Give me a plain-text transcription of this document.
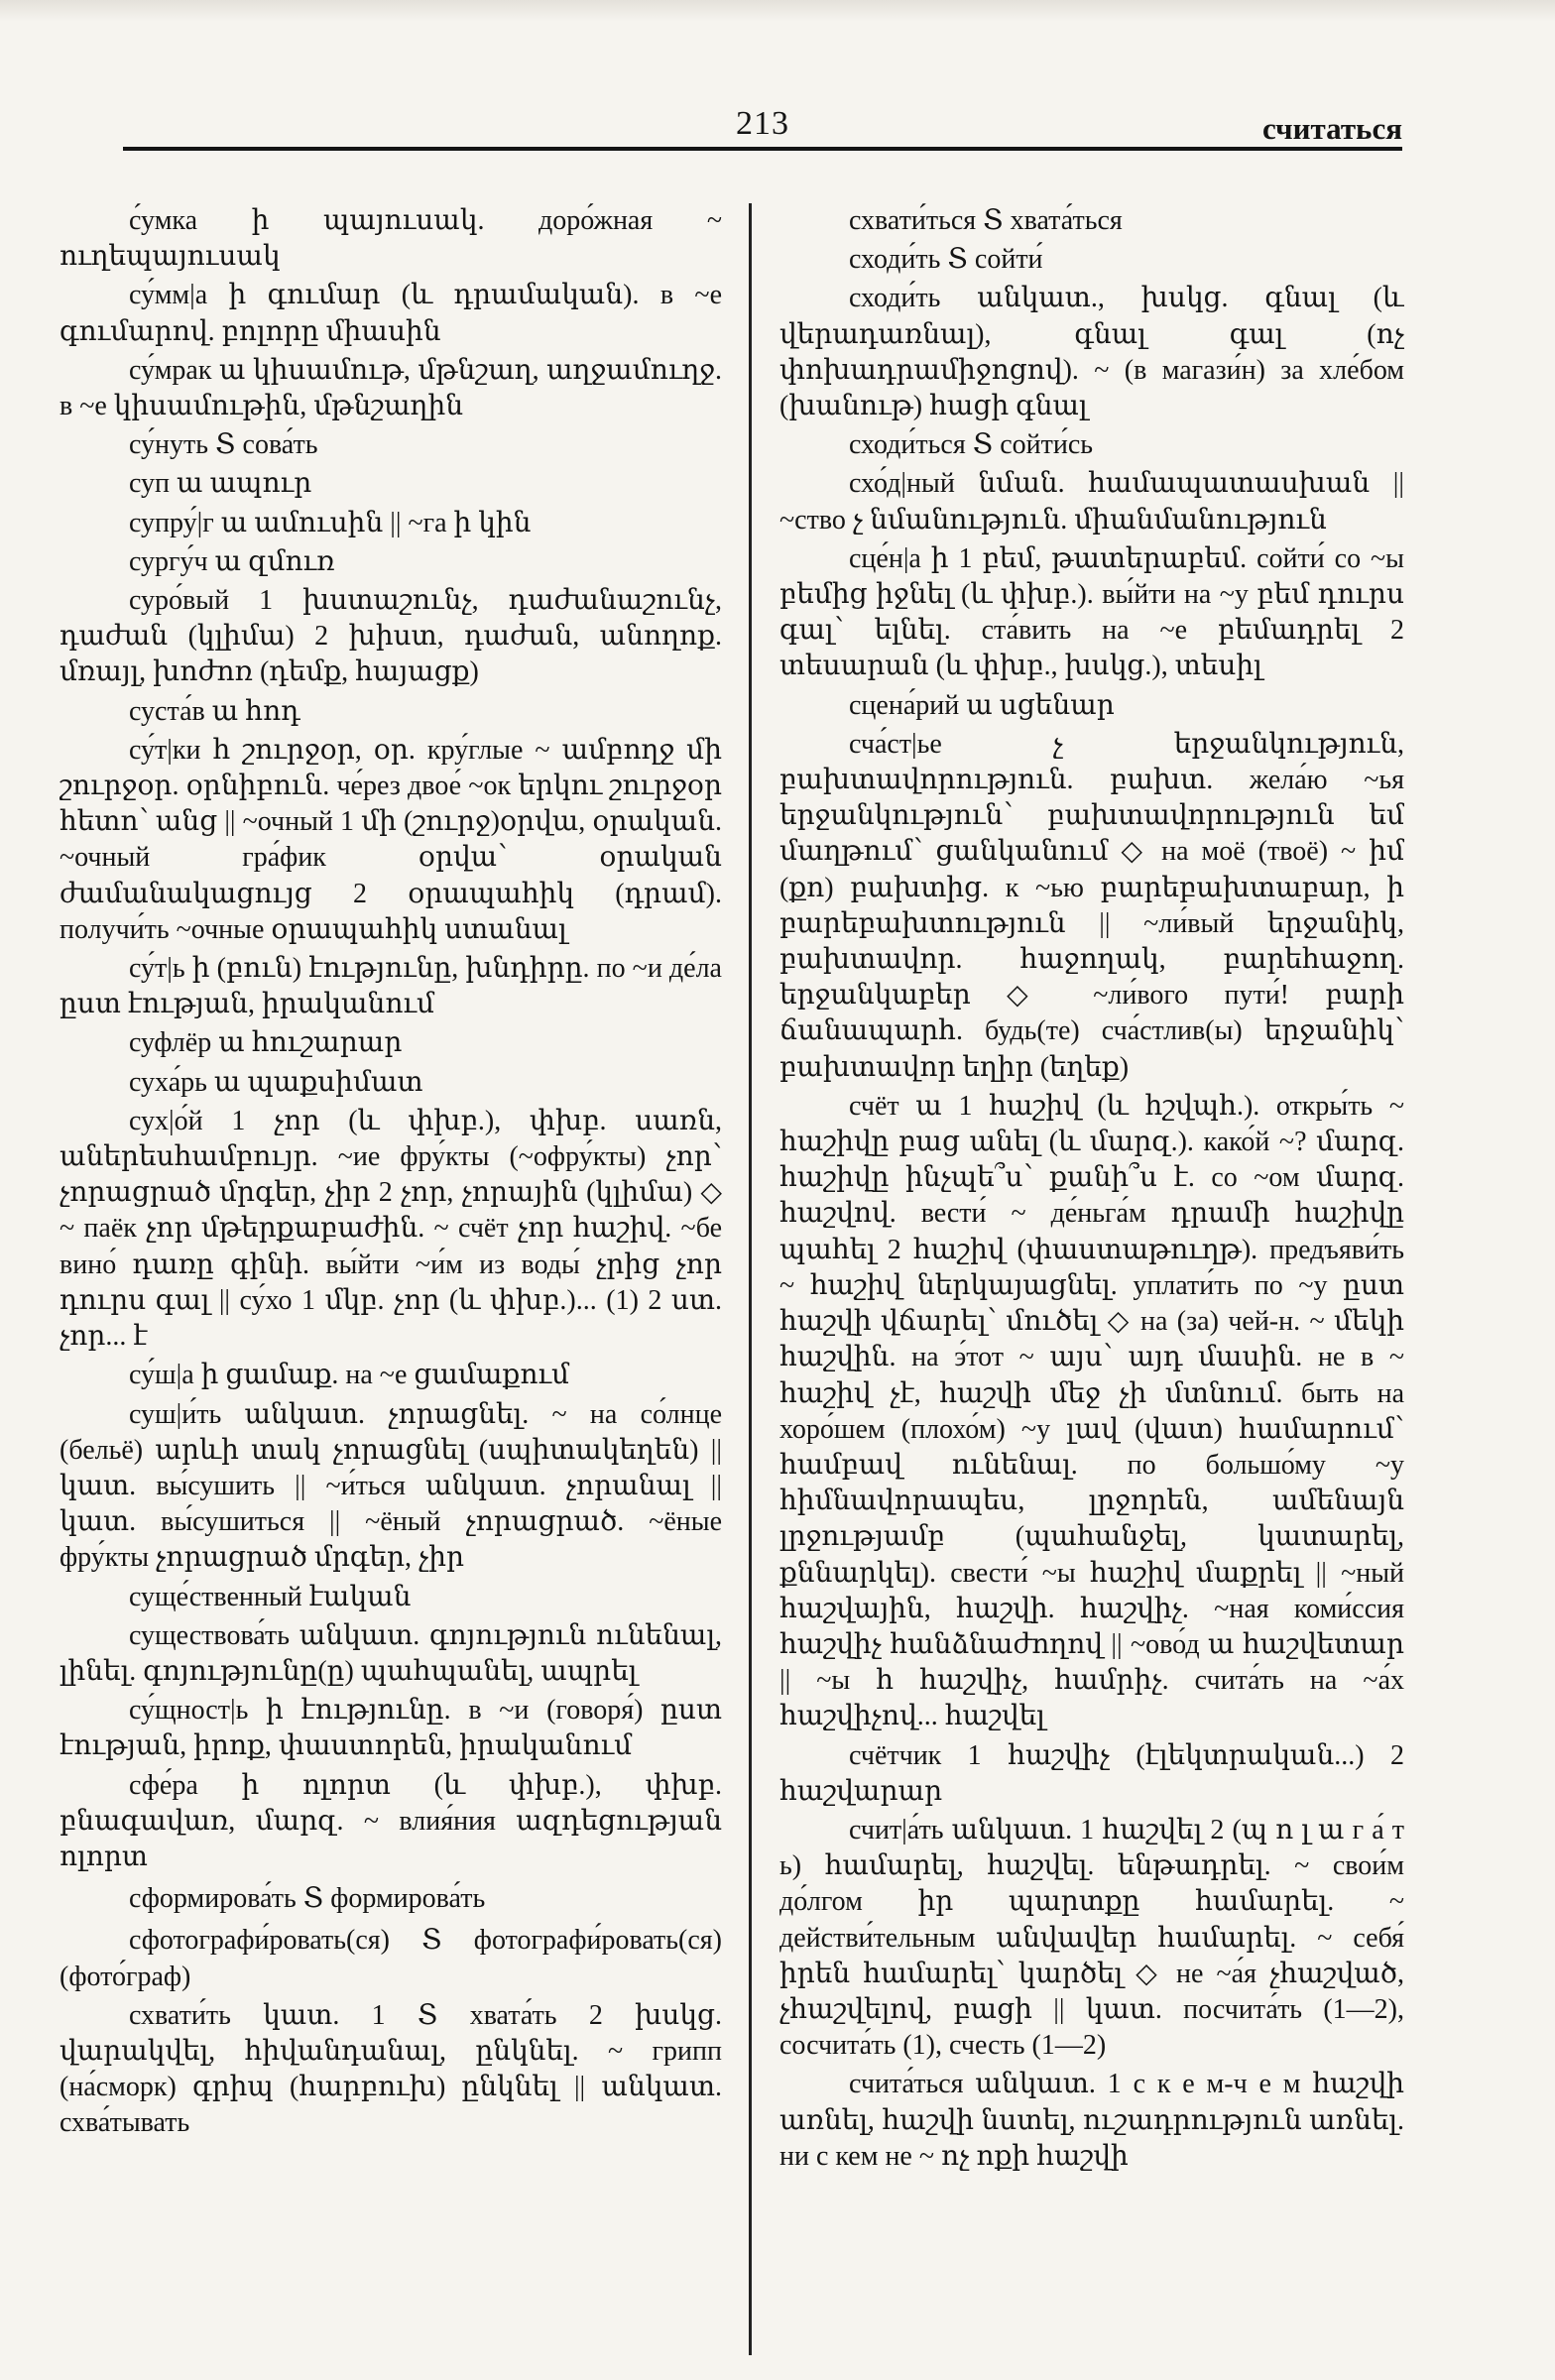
213	считаться

с́умка ի պայուսակ. доро́жная ~ ուղեպայուսակ

су́мм|а ի գումար (և դրամական). в ~е գումարով. բոլորը միասին

су́мрак ա կիսամութ, մթնշաղ, աղջամուղջ. в ~е կիսամութին, մթնշաղին

су́нуть Տ сова́ть

суп ա ապուր

супру́|г ա ամուսին || ~га ի կին

сургу́ч ա զմուռ

суро́вый 1 խստաշունչ, դաժանաշունչ, դաժան (կլիմա) 2 խիստ, դաժան, անողոք. մռայլ, խոժոռ (դեմք, հայացք)

суста́в ա հոդ

су́т|ки հ շուրջօր, օր. кру́глые ~ ամբողջ մի շուրջօր. օրնիբուն. че́рез двое́ ~ок երկու շուրջօր հետո՝ անց || ~очный 1 մի (շուրջ)օրվա, օրական. ~очный гра́фик օրվա՝ օրական ժամանակացույց 2 օրապահիկ (դրամ). получи́ть ~очные օրապահիկ ստանալ

су́т|ь ի (բուն) էությունը, խնդիրը. по ~и де́ла ըստ էության, իրականում

суфлёр ա հուշարար

суха́рь ա պաքսիմատ

сух|о́й 1 չոր (և փխբ.), փխբ. սառն, աներեսհամբույր. ~ие фру́кты (~офру́кты) չոր՝ չորացրած մրգեր, չիր 2 չոր, չորային (կլիմա) ◇ ~ паёк չոր մթերքաբաժին. ~ счёт չոր հաշիվ. ~бе вино́ դառը գինի. вы́йти ~и́м из воды́ չրից չոր դուրս գալ || су́хо 1 մկբ. չոր (և փխբ.)... (1) 2 ստ. չոր... է

су́ш|а ի ցամաք. на ~е ցամաքում

суш|и́ть անկատ. չորացնել. ~ на со́лнце (бельё) արևի տակ չորացնել (սպիտակեղեն) || կատ. вы́сушить || ~и́ться անկատ. չորանալ || կատ. вы́сушиться || ~ёный չորացրած. ~ёные фру́кты չորացրած մրգեր, չիր

суще́ственный էական

существова́ть անկատ. գոյություն ունենալ, լինել. գոյությունը(ը) պահպանել, ապրել

су́щност|ь ի էությունը. в ~и (говоря́) ըստ էության, իրոք, փաստորեն, իրականում

сфе́ра ի ոլորտ (և փխբ.), փխբ. բնագավառ, մարզ. ~ влия́ния ազդեցության ոլորտ

сформирова́ть Տ формирова́ть

сфотографи́ровать(ся) Տ фотографи́ровать(ся) (фото́граф)

схвати́ть կատ. 1 Տ хвата́ть 2 խսկց. վարակվել, հիվանդանալ, ընկնել. ~ грипп (на́сморк) գրիպ (հարբուխ) ընկնել || անկատ. схва́тывать

схвати́ться Տ хвата́ться

сходи́ть Տ сойти́

сходи́ть անկատ., խսկց. գնալ (և վերադառնալ), գնալ գալ (ոչ փոխադրամիջոցով). ~ (в магази́н) за хле́бом (խանութ) հացի գնալ

сходи́ться Տ сойти́сь

схо́д|ный նման. համապատասխան || ~ство չ նմանություն. միանմանություն

сце́н|а ի 1 բեմ, թատերաբեմ. сойти́ со ~ы բեմից իջնել (և փխբ.). вы́йти на ~у բեմ դուրս գալ՝ ելնել. ста́вить на ~е բեմադրել 2 տեսարան (և փխբ., խսկց.), տեսիլ

сцена́рий ա սցենար

сча́ст|ье չ երջանկություն, բախտավորություն. բախտ. жела́ю ~ья երջանկություն՝ բախտավորություն եմ մաղթում՝ ցանկանում ◇ на моё (твоё) ~ իմ (քո) բախտից. к ~ью բարեբախտաբար, ի բարեբախտություն || ~ли́вый երջանիկ, բախտավոր. հաջողակ, բարեհաջող. երջանկաբեր ◇ ~ли́вого пути́! բարի ճանապարհ. будь(те) сча́стлив(ы) երջանիկ՝ բախտավոր եղիր (եղեք)

счёт ա 1 հաշիվ (և հշվպհ.). откры́ть ~ հաշիվը բաց անել (և մարզ.). како́й ~? մարզ. հաշիվը ինչպե՞ս՝ քանի՞ս է. со ~ом մարզ. հաշվով. вести́ ~ де́ньга́м դրամի հաշիվը պահել 2 հաշիվ (փաստաթուղթ). предъяви́ть ~ հաշիվ ներկայացնել. уплати́ть по ~у ըստ հաշվի վճարել՝ մուծել ◇ на (за) чей-н. ~ մեկի հաշվին. на э́тот ~ այս՝ այդ մասին. не в ~ հաշիվ չէ, հաշվի մեջ չի մտնում. быть на хоро́шем (плохо́м) ~у լավ (վատ) համարում՝ համբավ ունենալ. по большо́му ~у հիմնավորապես, լրջորեն, ամենայն լրջությամբ (պահանջել, կատարել, քննարկել). свести́ ~ы հաշիվ մաքրել || ~ный հաշվային, հաշվի. հաշվիչ. ~ная коми́ссия հաշվիչ հանձնաժողով || ~ово́д ա հաշվետար || ~ы հ հաշվիչ, համրիչ. счита́ть на ~а́х հաշվիչով... հաշվել

счётчик 1 հաշվիչ (էլեկտրական...) 2 հաշվարար

счит|а́ть անկատ. 1 հաշվել 2 (պ ո լ ա г а́ т ь) համարել, հաշվել. ենթադրել. ~ свои́м до́лгом իր պարտքը համարել. ~ действи́тельным անվավեր համարել. ~ себя́ իրեն համարել՝ կարծել ◇ не ~а́я չհաշված, չհաշվելով, բացի || կատ. посчита́ть (1—2), сосчита́ть (1), счесть (1—2)

счита́ться անկատ. 1 с к е м-ч е м հաշվի առնել, հաշվի նստել, ուշադրություն առնել. ни с кем не ~ ոչ ոքի հաշվի
